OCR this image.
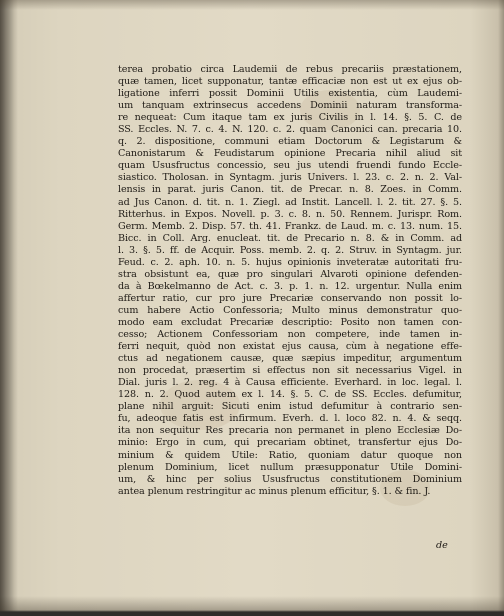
terea probatio circa Laudemii de rebus precariis præstationem,
quæ tamen, licet supponatur, tantæ efficaciæ non est ut ex ejus ob-
ligatione inferri possit Dominii Utilis existentia, cùm Laudemi-
um tanquam extrinsecus accedens Dominii naturam transforma-
re nequeat: Cum itaque tam ex juris Civilis in l. 14. §. 5. C. de
SS. Eccles. N. 7. c. 4. N. 120. c. 2. quam Canonici can. precaria 10.
q. 2. dispositione, communi etiam Doctorum & Legistarum &
Canonistarum & Feudistarum opinione Precaria nihil aliud sit
quam Ususfructus concessio, seu jus utendi fruendi fundo Eccle-
siastico. Tholosan. in Syntagm. juris Univers. l. 23. c. 2. n. 2. Val-
lensis in parat. juris Canon. tit. de Precar. n. 8. Zoes. in Comm.
ad Jus Canon. d. tit. n. 1. Ziegl. ad Instit. Lancell. l. 2. tit. 27. §. 5.
Ritterhus. in Expos. Novell. p. 3. c. 8. n. 50. Rennem. Jurispr. Rom.
Germ. Memb. 2. Disp. 57. th. 41. Frankz. de Laud. m. c. 13. num. 15.
Bicc. in Coll. Arg. enucleat. tit. de Precario n. 8. & in Comm. ad
l. 3. §. 5. ff. de Acquir. Poss. memb. 2. q. 2. Struv. in Syntagm. jur.
Feud. c. 2. aph. 10. n. 5. hujus opinionis inveteratæ autoritati fru-
stra obsistunt ea, quæ pro singulari Alvaroti opinione defenden-
da à Bœkelmanno de Act. c. 3. p. 1. n. 12. urgentur. Nulla enim
affertur ratio, cur pro jure Precariæ conservando non possit lo-
cum habere Actio Confessoria; Multo minus demonstratur quo-
modo eam excludat Precariæ descriptio: Posito non tamen con-
cesso; Actionem Confessoriam non competere, inde tamen in-
ferri nequit, quòd non existat ejus causa, cùm à negatione effe-
ctus ad negationem causæ, quæ sæpius impeditur, argumentum
non procedat, præsertim si effectus non sit necessarius Vigel. in
Dial. juris l. 2. reg. 4 à Causa efficiente. Everhard. in loc. legal. l.
128. n. 2. Quod autem ex l. 14. §. 5. C. de SS. Eccles. defumitur,
plane nihil arguit: Sicuti enim istud defumitur à contrario sen-
fu, adeoque fatis est infirmum. Everh. d. l. loco 82. n. 4. & seqq.
ita non sequitur Res precaria non permanet in pleno Ecclesiæ Do-
minio: Ergo in cum, qui precariam obtinet, transfertur ejus Do-
minium & quidem Utile: Ratio, quoniam datur quoque non
plenum Dominium, licet nullum præsupponatur Utile Domini-
um, & hinc per solius Ususfructus constitutionem Dominium
antea plenum restringitur ac minus plenum efficitur, §. 1. & fin. J.
de
